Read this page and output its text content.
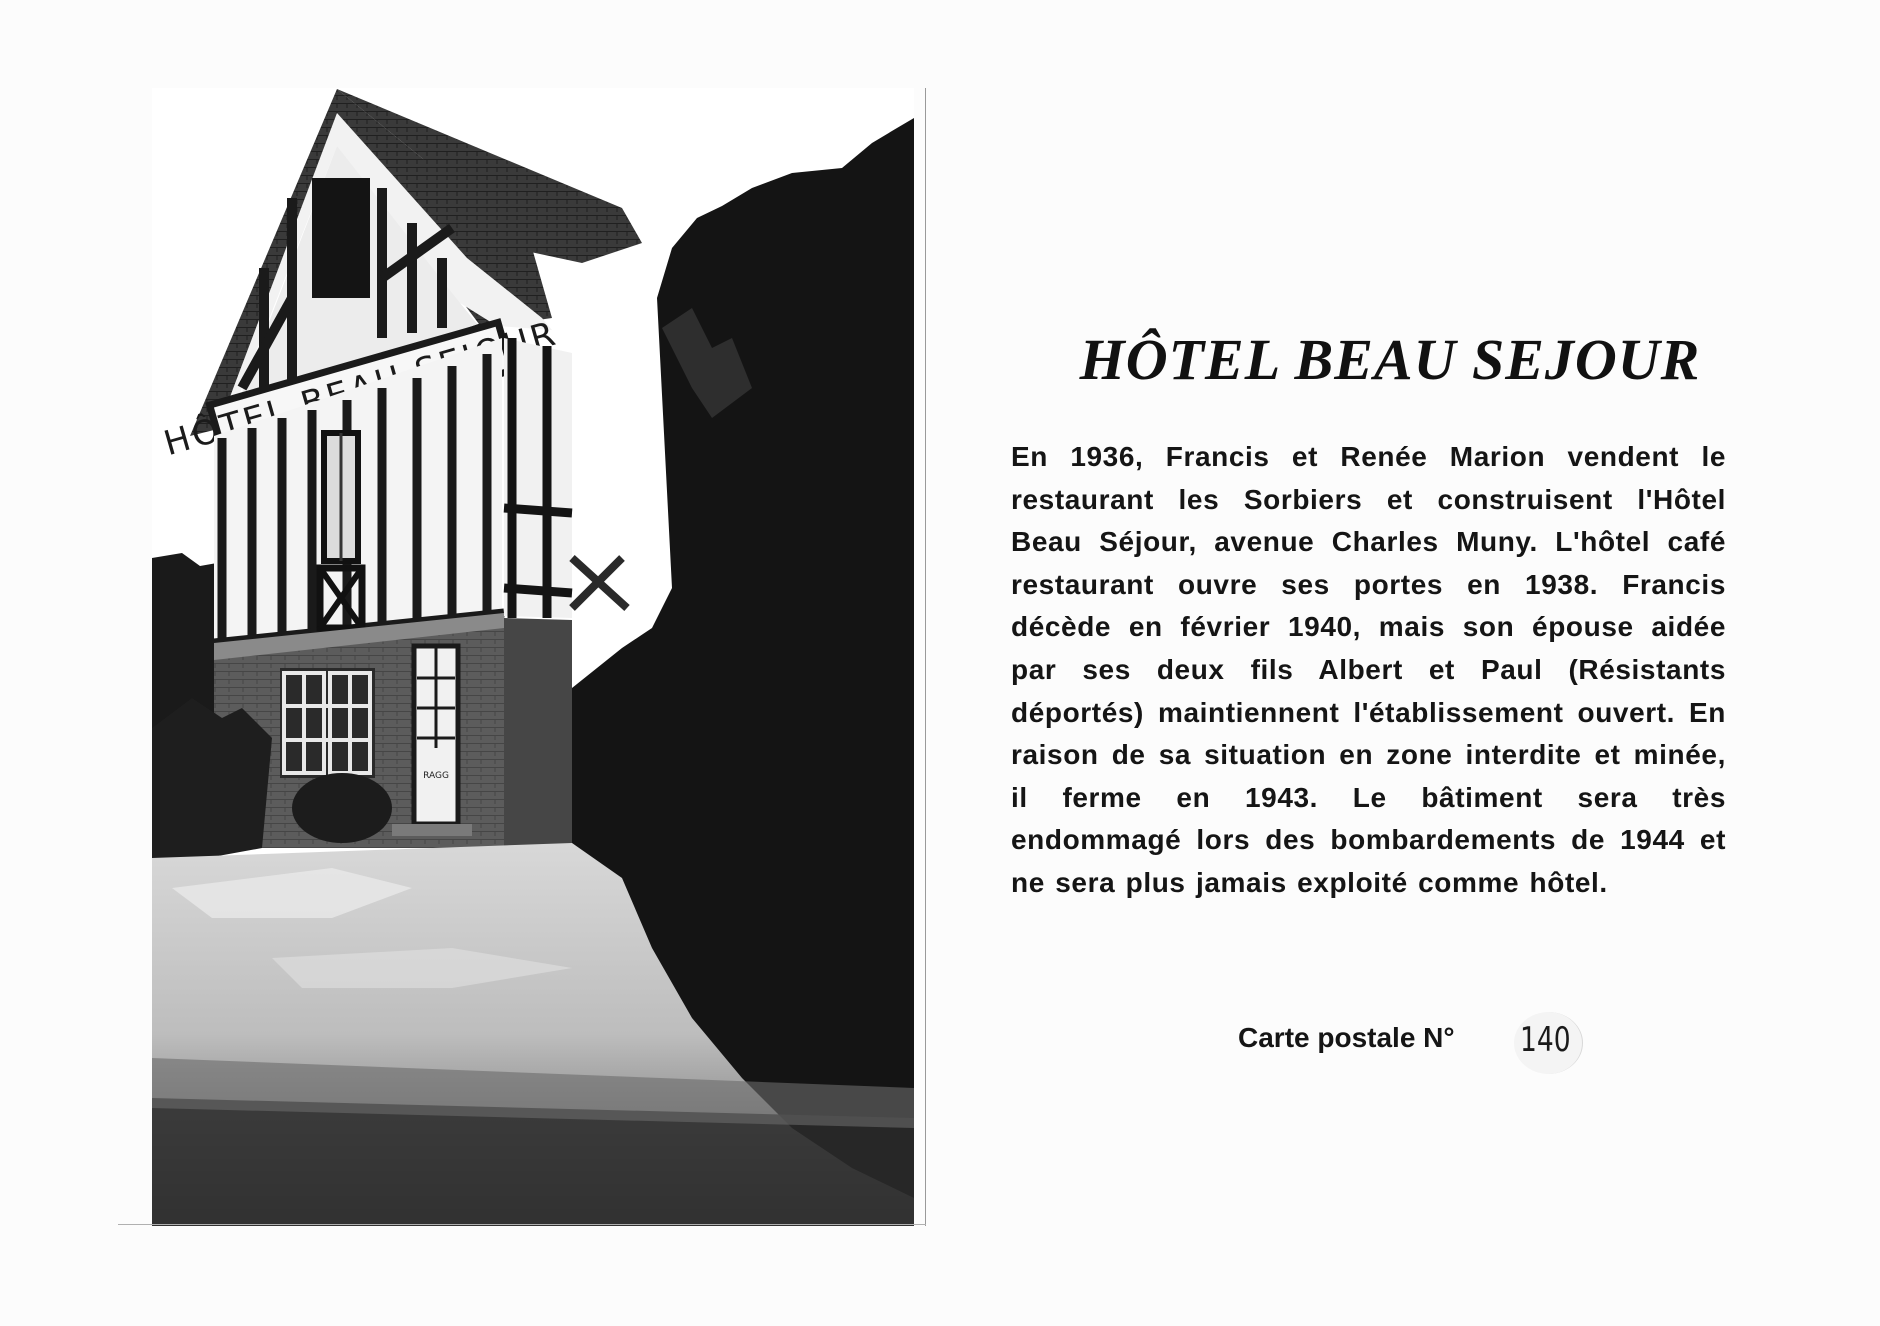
HÔTEL
RAGG
HÔTEL BEAU SEJOUR

En 1936, Francis et Renée Marion vendent le restaurant les Sorbiers et construisent l'Hôtel Beau Séjour, avenue Charles Muny. L'hôtel café restaurant ouvre ses portes en 1938. Francis décède en février 1940, mais son épouse aidée par ses deux fils Albert et Paul (Résistants déportés) maintiennent l'établissement ouvert. En raison de sa situation en zone interdite et minée, il ferme en 1943. Le bâtiment sera très endommagé lors des bombardements de 1944 et ne sera plus jamais exploité comme hôtel.

Carte postale N° 140
